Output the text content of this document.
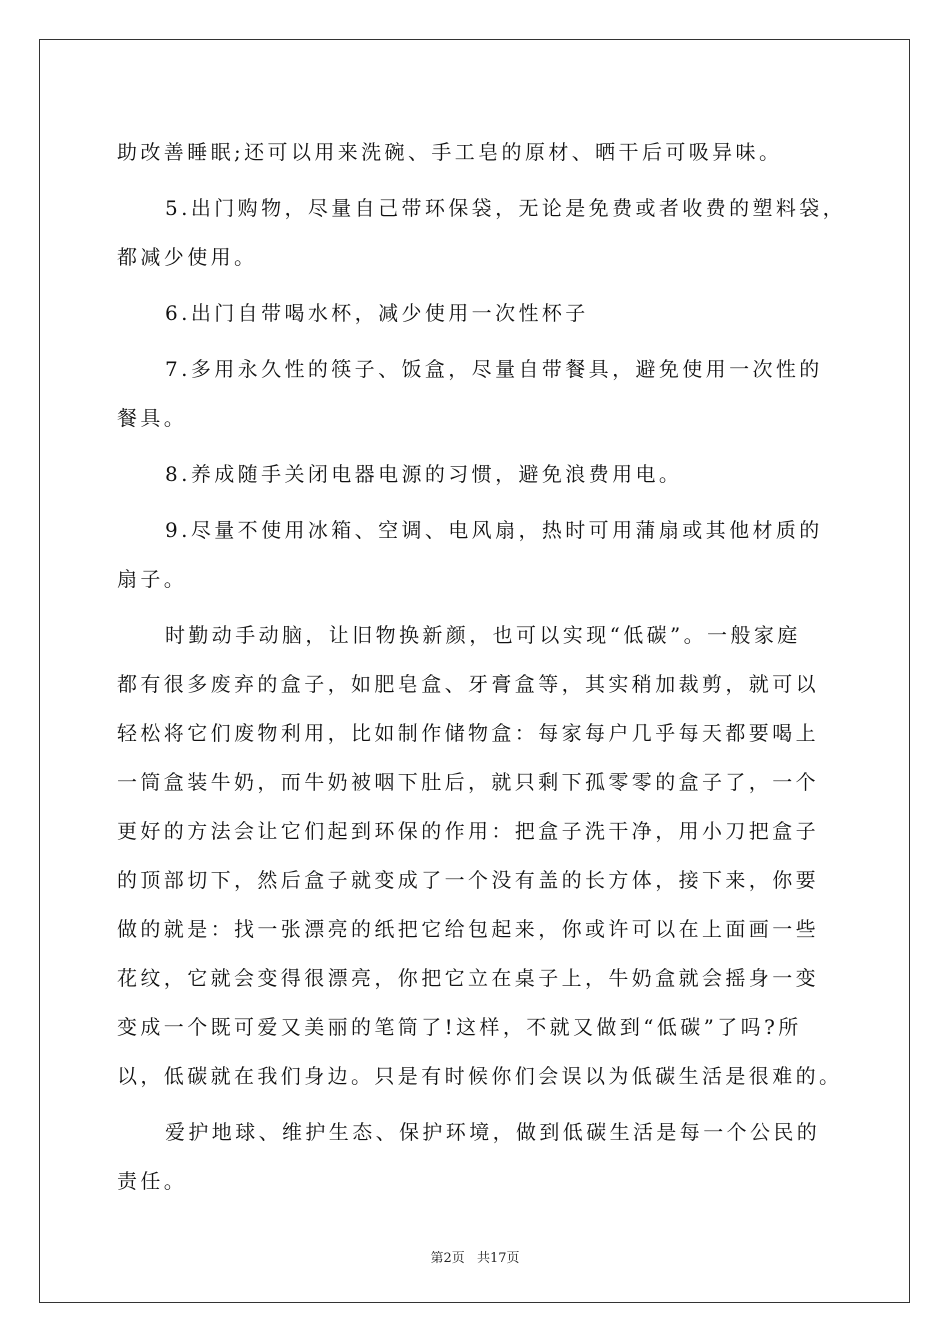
助改善睡眠;还可以用来洗碗、手工皂的原材、晒干后可吸异味。
5.出门购物，尽量自己带环保袋，无论是免费或者收费的塑料袋，
都减少使用。
6.出门自带喝水杯，减少使用一次性杯子
7.多用永久性的筷子、饭盒，尽量自带餐具，避免使用一次性的
餐具。
8.养成随手关闭电器电源的习惯，避免浪费用电。
9.尽量不使用冰箱、空调、电风扇，热时可用蒲扇或其他材质的
扇子。
时勤动手动脑，让旧物换新颜，也可以实现“低碳”。一般家庭
都有很多废弃的盒子，如肥皂盒、牙膏盒等，其实稍加裁剪，就可以
轻松将它们废物利用，比如制作储物盒：每家每户几乎每天都要喝上
一筒盒装牛奶，而牛奶被咽下肚后，就只剩下孤零零的盒子了，一个
更好的方法会让它们起到环保的作用：把盒子洗干净，用小刀把盒子
的顶部切下，然后盒子就变成了一个没有盖的长方体，接下来，你要
做的就是：找一张漂亮的纸把它给包起来，你或许可以在上面画一些
花纹，它就会变得很漂亮，你把它立在桌子上，牛奶盒就会摇身一变
变成一个既可爱又美丽的笔筒了!这样，不就又做到“低碳”了吗?所
以，低碳就在我们身边。只是有时候你们会误以为低碳生活是很难的。
爱护地球、维护生态、保护环境，做到低碳生活是每一个公民的
责任。
第2页 共17页
